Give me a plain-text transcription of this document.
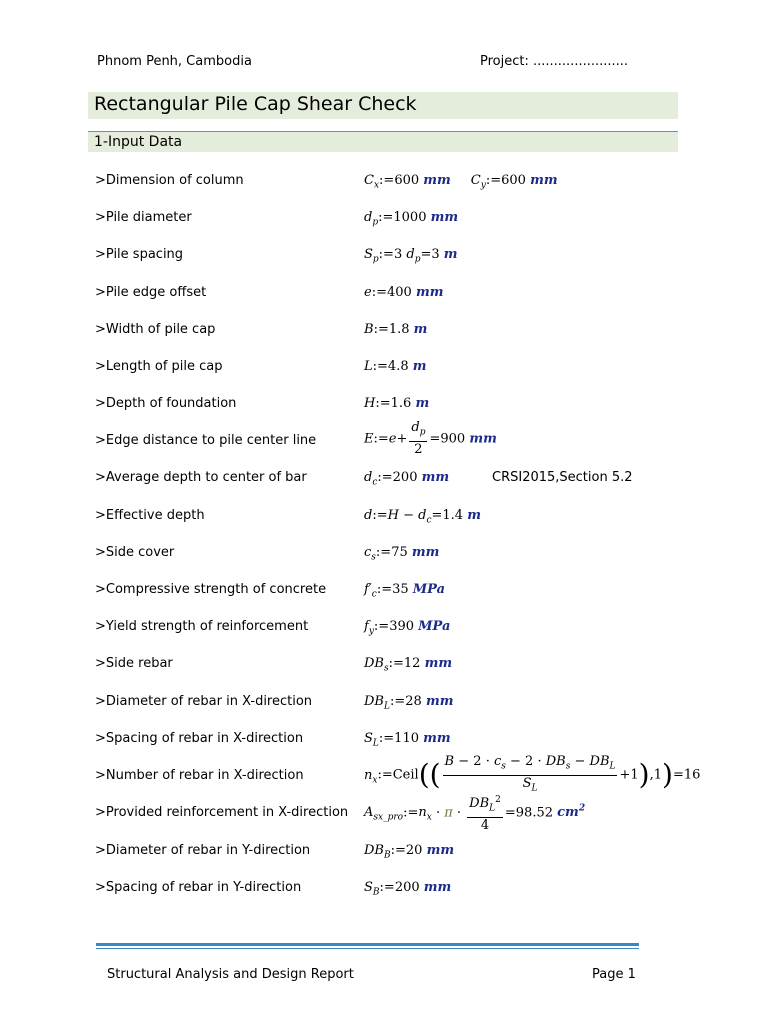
Phnom Penh, Cambodia	Project: .......................
Rectangular Pile Cap Shear Check
1-Input Data
>Dimension of column	$C_x:=600$ mm $C_y:=600$ mm
>Pile diameter	$d_p:=1000$ mm
>Pile spacing	$S_p:=3$ $d_p=3$ m
>Pile edge offset	e:=400 mm
>Width of pile cap	B:=1.8 m
>Length of pile cap	L:=4.8 m
>Depth of foundation	H:=1.6 m
>Edge distance to pile center line	E:=e+ $\frac{d_p}{2} =900$ mm
>Average depth to center of bar	$d_c:=200$ mm	CRSI2015,Section 5.2
>Effective depth	d:=H − $d_c=1.4$ m
>Side cover	$c_s:=75$ mm
>Compressive strength of concrete	$f'_c:=35$ MPa
>Yield strength of reinforcement	$f_y:=390$ MPa
>Side rebar	$DB_s:=12$ mm
>Diameter of rebar in X-direction	$DB_L:=28$ mm
>Spacing of rebar in X-direction	$S_L:=110$ mm
>Number of rebar in X-direction	$n_x:=Ceil(( \frac{B - 2 \cdot c_s - 2 \cdot DB_s - DB_L}{S_L} +1),1)=16$
>Provided reinforcement in X-direction $A_{sx\_pro}:=n_x \cdot \pi \cdot \frac{DB_L^2}{4} =98.52$ $cm^2$
>Diameter of rebar in Y-direction	$DB_B:=20$ mm
>Spacing of rebar in Y-direction	$S_B:=200$ mm
Structural Analysis and Design Report	Page 1
